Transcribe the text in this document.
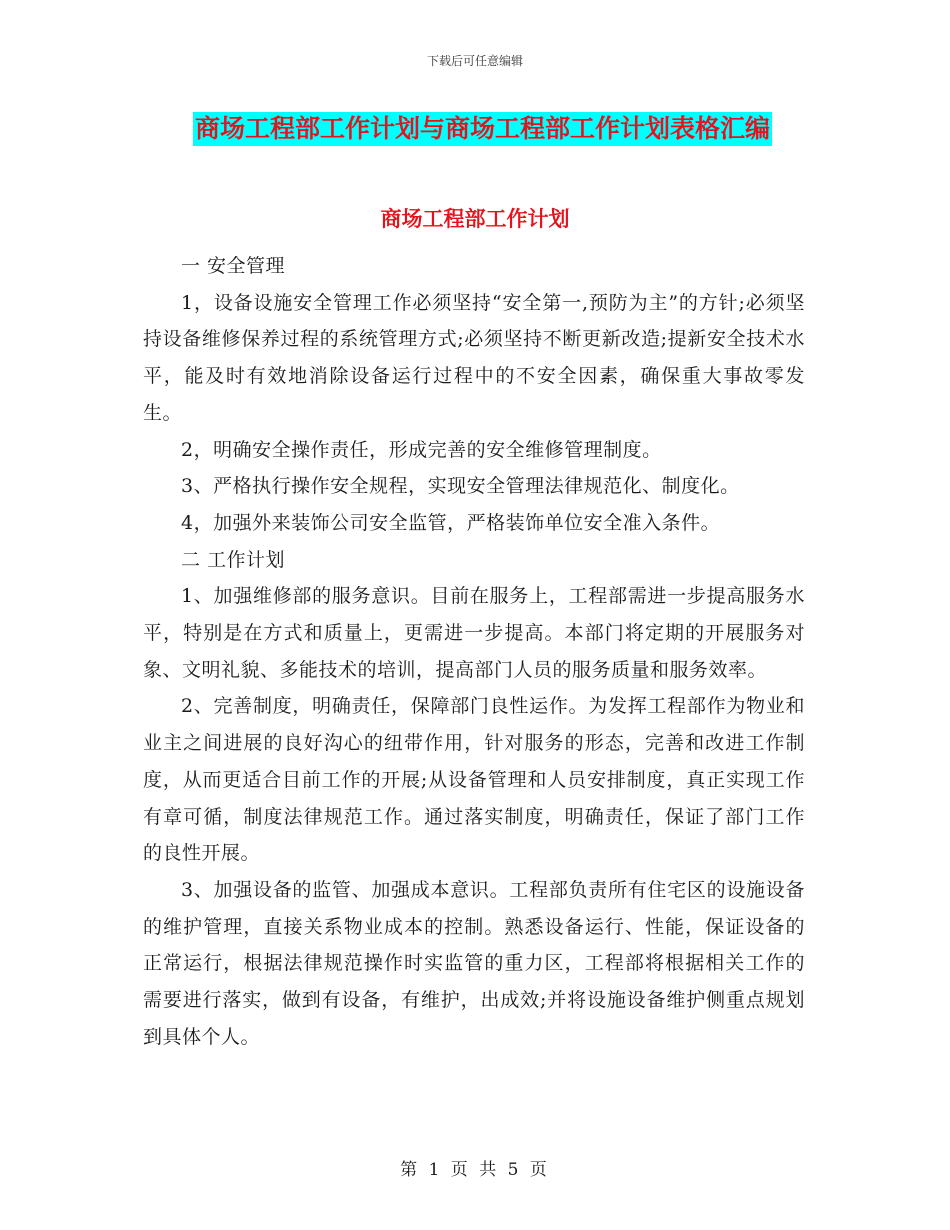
下载后可任意编辑
商场工程部工作计划与商场工程部工作计划表格汇编
商场工程部工作计划

一 安全管理

1，设备设施安全管理工作必须坚持“安全第一,预防为主”的方针;必须坚持设备维修保养过程的系统管理方式;必须坚持不断更新改造;提新安全技术水平，能及时有效地消除设备运行过程中的不安全因素，确保重大事故零发生。

2，明确安全操作责任，形成完善的安全维修管理制度。

3、严格执行操作安全规程，实现安全管理法律规范化、制度化。

4，加强外来装饰公司安全监管，严格装饰单位安全准入条件。

二 工作计划

1、加强维修部的服务意识。目前在服务上，工程部需进一步提高服务水平，特别是在方式和质量上，更需进一步提高。本部门将定期的开展服务对象、文明礼貌、多能技术的培训，提高部门人员的服务质量和服务效率。

2、完善制度，明确责任，保障部门良性运作。为发挥工程部作为物业和业主之间进展的良好沟心的纽带作用，针对服务的形态，完善和改进工作制度，从而更适合目前工作的开展;从设备管理和人员安排制度，真正实现工作有章可循，制度法律规范工作。通过落实制度，明确责任，保证了部门工作的良性开展。

3、加强设备的监管、加强成本意识。工程部负责所有住宅区的设施设备的维护管理，直接关系物业成本的控制。熟悉设备运行、性能，保证设备的正常运行，根据法律规范操作时实监管的重力区，工程部将根据相关工作的需要进行落实，做到有设备，有维护，出成效;并将设施设备维护侧重点规划到具体个人。

第 1 页 共 5 页
